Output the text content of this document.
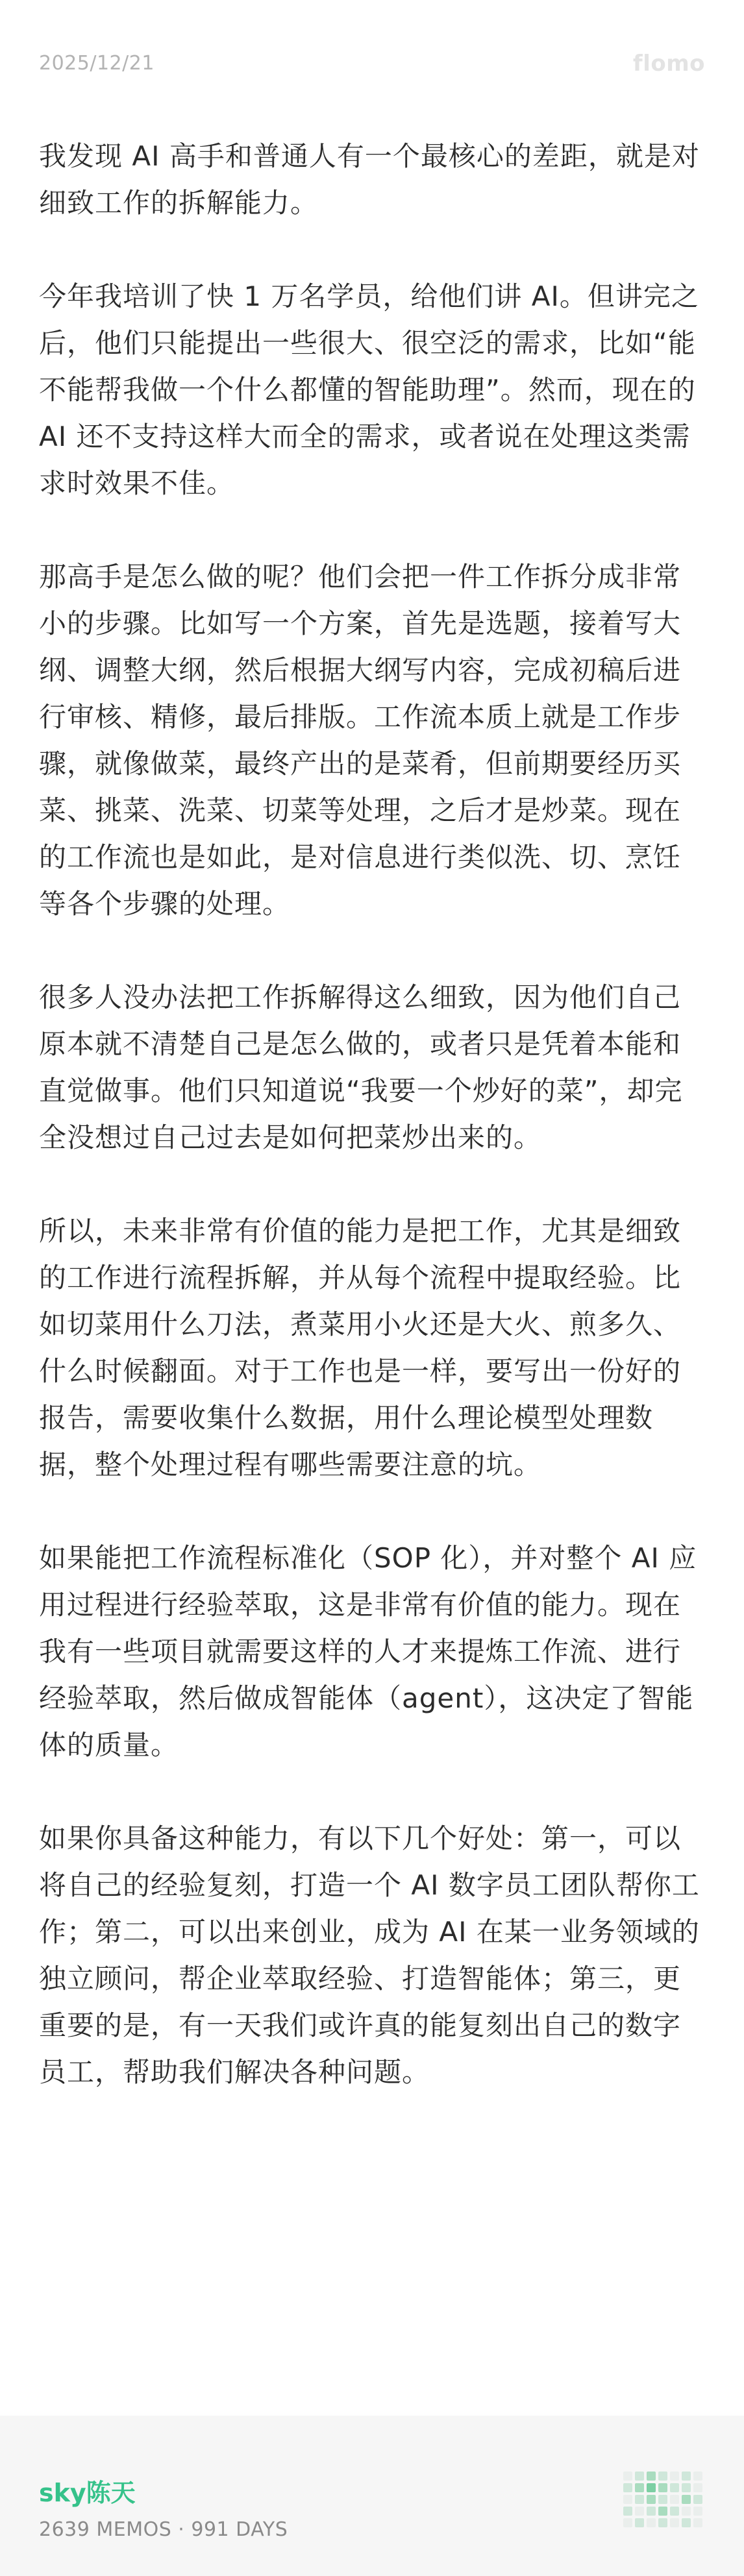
2025/12/21	flomo

我发现 AI 高手和普通人有一个最核心的差距，就是对细致工作的拆解能力。

今年我培训了快 1 万名学员，给他们讲 AI。但讲完之后，他们只能提出一些很大、很空泛的需求，比如“能不能帮我做一个什么都懂的智能助理”。然而，现在的 AI 还不支持这样大而全的需求，或者说在处理这类需求时效果不佳。

那高手是怎么做的呢？他们会把一件工作拆分成非常小的步骤。比如写一个方案，首先是选题，接着写大纲、调整大纲，然后根据大纲写内容，完成初稿后进行审核、精修，最后排版。工作流本质上就是工作步骤，就像做菜，最终产出的是菜肴，但前期要经历买菜、挑菜、洗菜、切菜等处理，之后才是炒菜。现在的工作流也是如此，是对信息进行类似洗、切、烹饪等各个步骤的处理。

很多人没办法把工作拆解得这么细致，因为他们自己原本就不清楚自己是怎么做的，或者只是凭着本能和直觉做事。他们只知道说“我要一个炒好的菜”，却完全没想过自己过去是如何把菜炒出来的。

所以，未来非常有价值的能力是把工作，尤其是细致的工作进行流程拆解，并从每个流程中提取经验。比如切菜用什么刀法，煮菜用小火还是大火、煎多久、什么时候翻面。对于工作也是一样，要写出一份好的报告，需要收集什么数据，用什么理论模型处理数据，整个处理过程有哪些需要注意的坑。

如果能把工作流程标准化（SOP 化），并对整个 AI 应用过程进行经验萃取，这是非常有价值的能力。现在我有一些项目就需要这样的人才来提炼工作流、进行经验萃取，然后做成智能体（agent），这决定了智能体的质量。

如果你具备这种能力，有以下几个好处：第一，可以将自己的经验复刻，打造一个 AI 数字员工团队帮你工作；第二，可以出来创业，成为 AI 在某一业务领域的独立顾问，帮企业萃取经验、打造智能体；第三，更重要的是，有一天我们或许真的能复刻出自己的数字员工，帮助我们解决各种问题。

sky陈天
2639 MEMOS · 991 DAYS
